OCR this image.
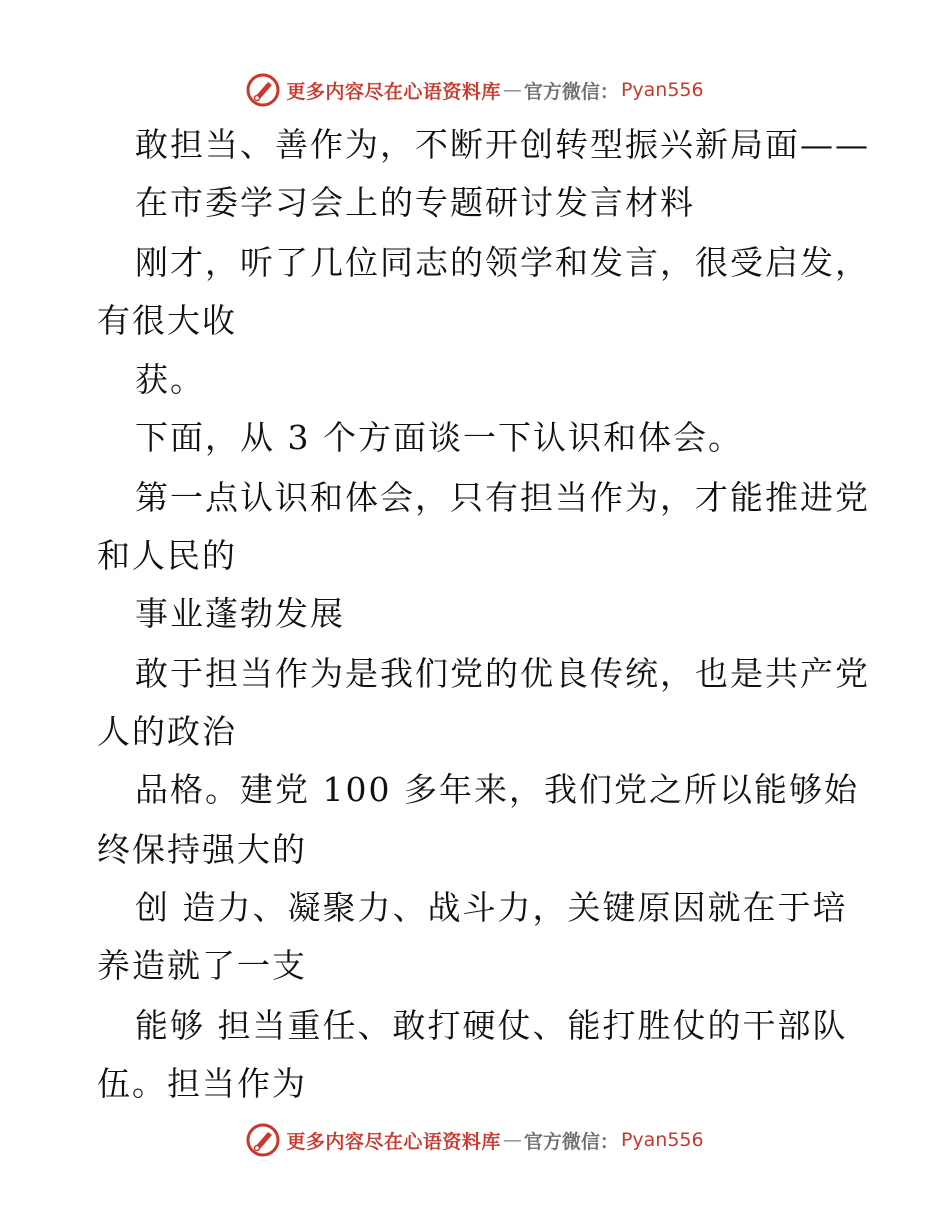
更多内容尽在心语资料库 — 官方微信： Pyan556
敢担当、善作为，不断开创转型振兴新局面——
在市委学习会上的专题研讨发言材料
刚才，听了几位同志的领学和发言，很受启发，
有很大收
获。
下面，从 3 个方面谈一下认识和体会。
第一点认识和体会，只有担当作为，才能推进党
和人民的
事业蓬勃发展
敢于担当作为是我们党的优良传统，也是共产党
人的政治
品格。建党 100 多年来，我们党之所以能够始
终保持强大的
创 造力、凝聚力、战斗力，关键原因就在于培
养造就了一支
能够 担当重任、敢打硬仗、能打胜仗的干部队
伍。担当作为
更多内容尽在心语资料库 — 官方微信： Pyan556
